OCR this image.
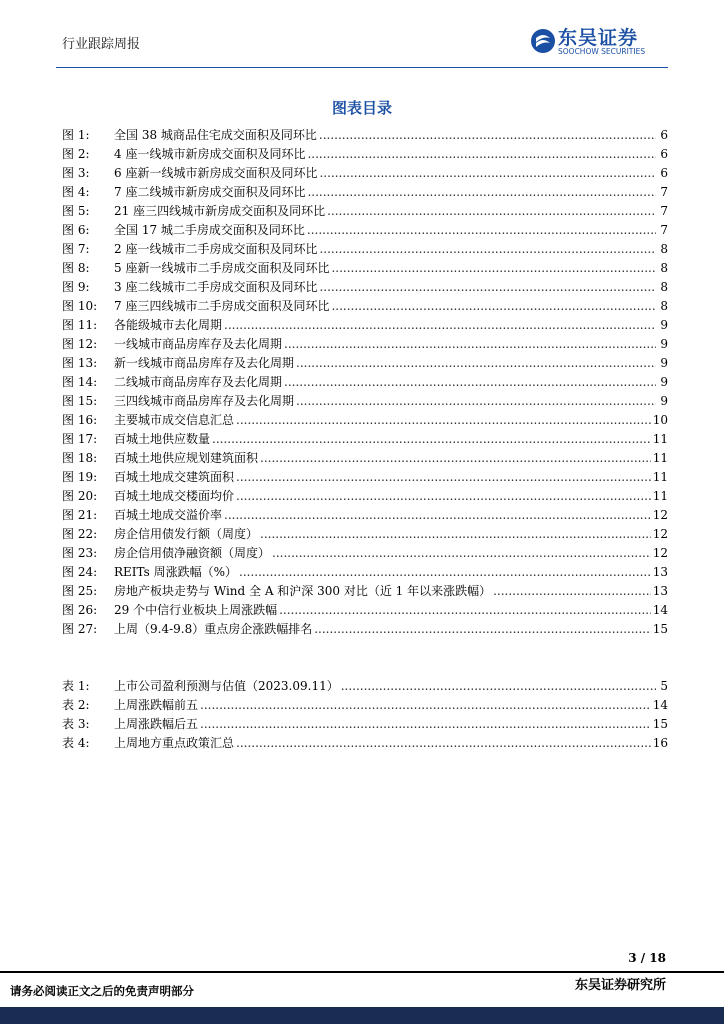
行业跟踪周报	东吴证券
SOOCHOW SECURITIES
图表目录
图 1:	全国 38 城商品住宅成交面积及同环比 .....	6
图 2:	4 座一线城市新房成交面积及同环比 .....	6
图 3:	6 座新一线城市新房成交面积及同环比 .....	6
图 4:	7 座二线城市新房成交面积及同环比 .....	7
图 5:	21 座三四线城市新房成交面积及同环比 .....	7
图 6:	全国 17 城二手房成交面积及同环比 .....	7
图 7:	2 座一线城市二手房成交面积及同环比 .....	8
图 8:	5 座新一线城市二手房成交面积及同环比 .....	8
图 9:	3 座二线城市二手房成交面积及同环比 .....	8
图 10:	7 座三四线城市二手房成交面积及同环比 .....	8
图 11:	各能级城市去化周期 .....	9
图 12:	一线城市商品房库存及去化周期 .....	9
图 13:	新一线城市商品房库存及去化周期 .....	9
图 14:	二线城市商品房库存及去化周期 .....	9
图 15:	三四线城市商品房库存及去化周期 .....	9
图 16:	主要城市成交信息汇总 .....	10
图 17:	百城土地供应数量 .....	11
图 18:	百城土地供应规划建筑面积 .....	11
图 19:	百城土地成交建筑面积 .....	11
图 20:	百城土地成交楼面均价 .....	11
图 21:	百城土地成交溢价率 .....	12
图 22:	房企信用债发行额（周度） .....	12
图 23:	房企信用债净融资额（周度） .....	12
图 24:	REITs 周涨跌幅（%） .....	13
图 25:	房地产板块走势与 Wind 全 A 和沪深 300 对比（近 1 年以来涨跌幅） .....	13
图 26:	29 个中信行业板块上周涨跌幅 .....	14
图 27:	上周（9.4-9.8）重点房企涨跌幅排名 .....	15
表 1:	上市公司盈利预测与估值（2023.09.11） .....	5
表 2:	上周涨跌幅前五 .....	14
表 3:	上周涨跌幅后五 .....	15
表 4:	上周地方重点政策汇总 .....	16
3 / 18
请务必阅读正文之后的免责声明部分	东吴证券研究所
